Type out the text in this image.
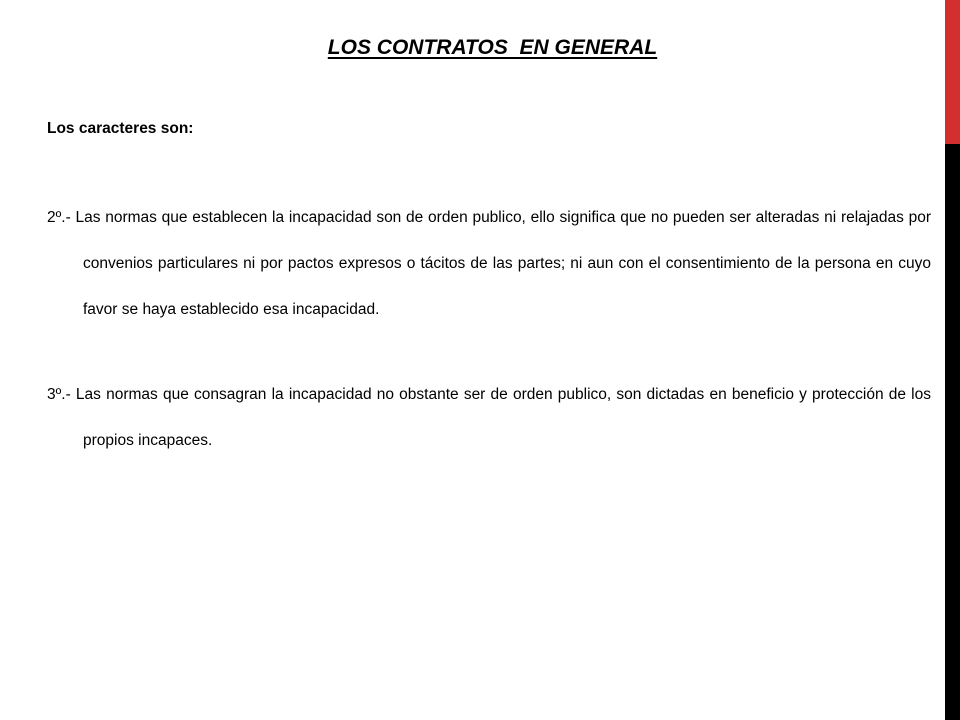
LOS CONTRATOS  EN GENERAL

Los caracteres son:

2º.- Las normas que establecen la incapacidad son de orden publico, ello significa que no pueden ser alteradas ni relajadas por convenios particulares ni por pactos expresos o tácitos de las partes; ni aun con el consentimiento de la persona en cuyo favor se haya establecido esa incapacidad.

3º.- Las normas que consagran la incapacidad no obstante ser de orden publico, son dictadas en beneficio y protección de los propios incapaces.
